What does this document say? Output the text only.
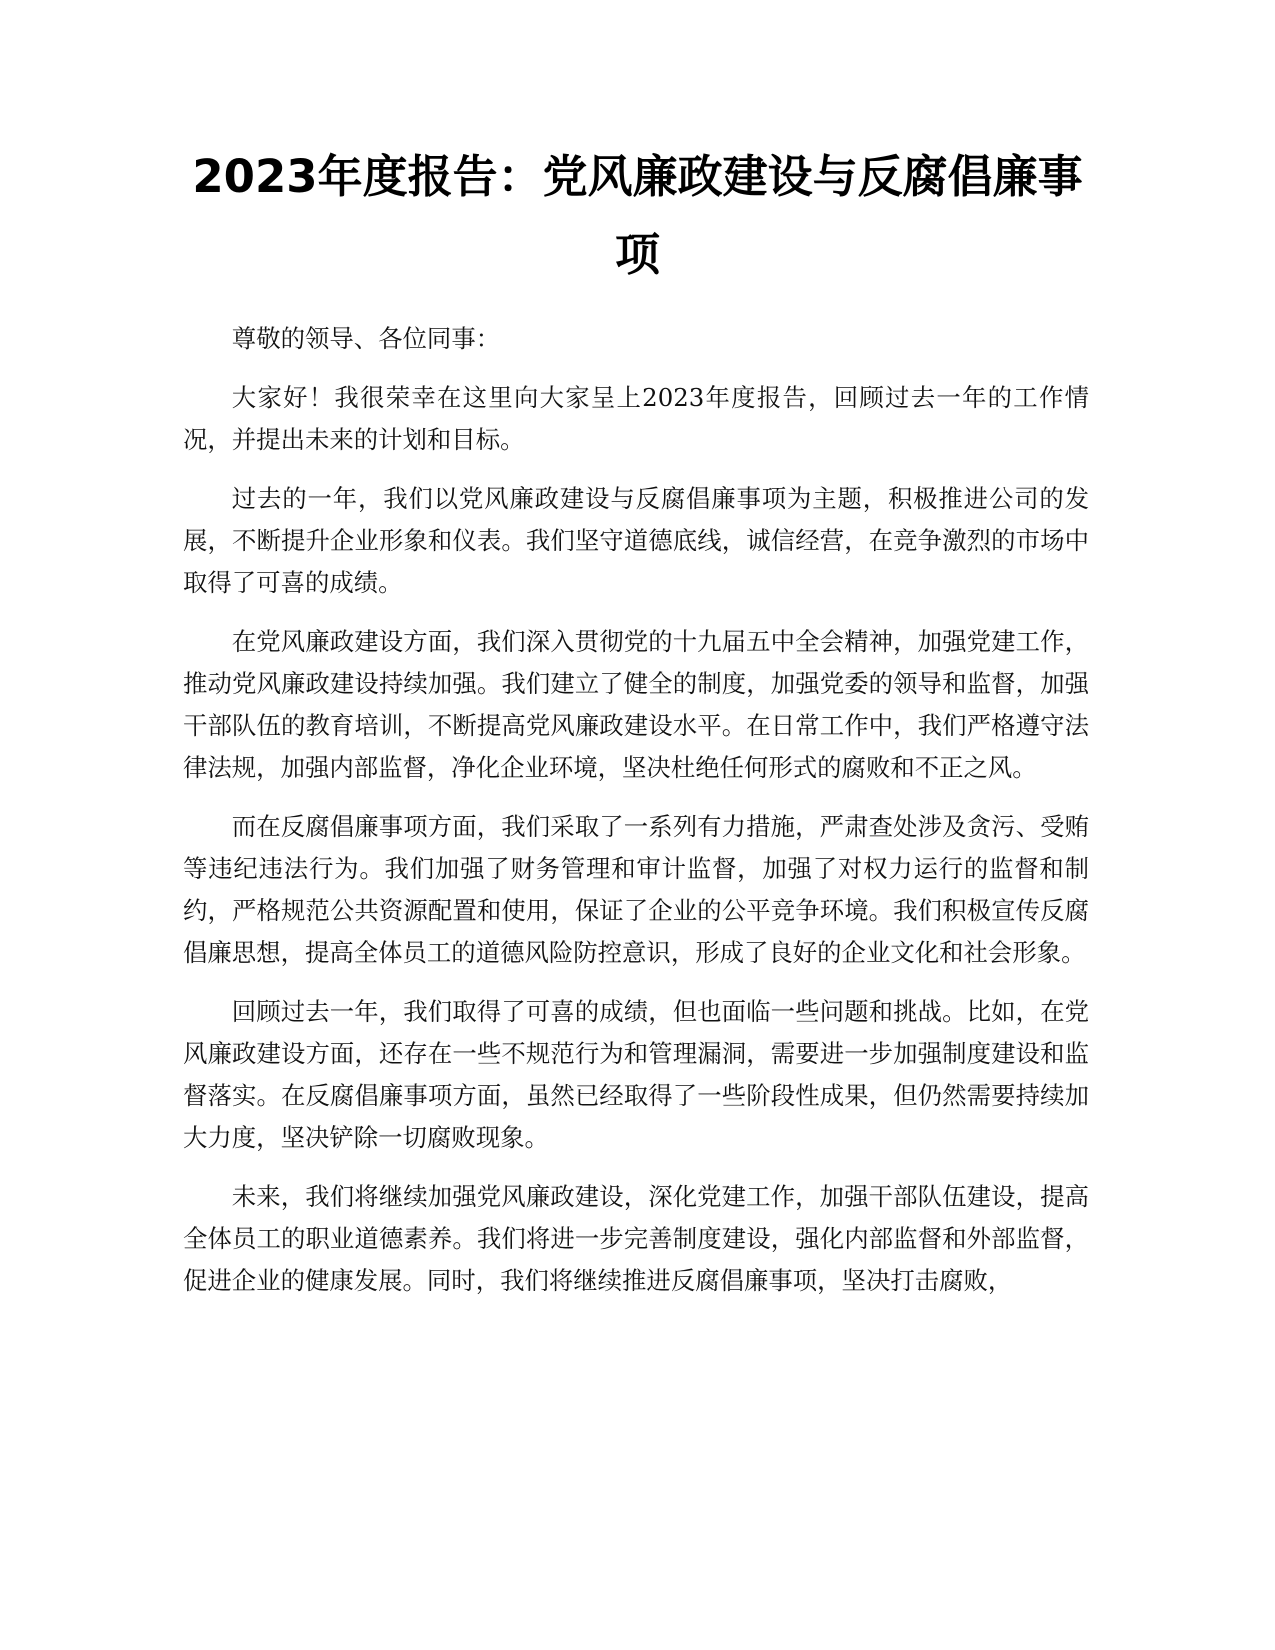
2023年度报告：党风廉政建设与反腐倡廉事项

尊敬的领导、各位同事：

大家好！我很荣幸在这里向大家呈上2023年度报告，回顾过去一年的工作情况，并提出未来的计划和目标。

过去的一年，我们以党风廉政建设与反腐倡廉事项为主题，积极推进公司的发展，不断提升企业形象和仪表。我们坚守道德底线，诚信经营，在竞争激烈的市场中取得了可喜的成绩。

在党风廉政建设方面，我们深入贯彻党的十九届五中全会精神，加强党建工作，推动党风廉政建设持续加强。我们建立了健全的制度，加强党委的领导和监督，加强干部队伍的教育培训，不断提高党风廉政建设水平。在日常工作中，我们严格遵守法律法规，加强内部监督，净化企业环境，坚决杜绝任何形式的腐败和不正之风。

而在反腐倡廉事项方面，我们采取了一系列有力措施，严肃查处涉及贪污、受贿等违纪违法行为。我们加强了财务管理和审计监督，加强了对权力运行的监督和制约，严格规范公共资源配置和使用，保证了企业的公平竞争环境。我们积极宣传反腐倡廉思想，提高全体员工的道德风险防控意识，形成了良好的企业文化和社会形象。

回顾过去一年，我们取得了可喜的成绩，但也面临一些问题和挑战。比如，在党风廉政建设方面，还存在一些不规范行为和管理漏洞，需要进一步加强制度建设和监督落实。在反腐倡廉事项方面，虽然已经取得了一些阶段性成果，但仍然需要持续加大力度，坚决铲除一切腐败现象。

未来，我们将继续加强党风廉政建设，深化党建工作，加强干部队伍建设，提高全体员工的职业道德素养。我们将进一步完善制度建设，强化内部监督和外部监督，促进企业的健康发展。同时，我们将继续推进反腐倡廉事项，坚决打击腐败，
